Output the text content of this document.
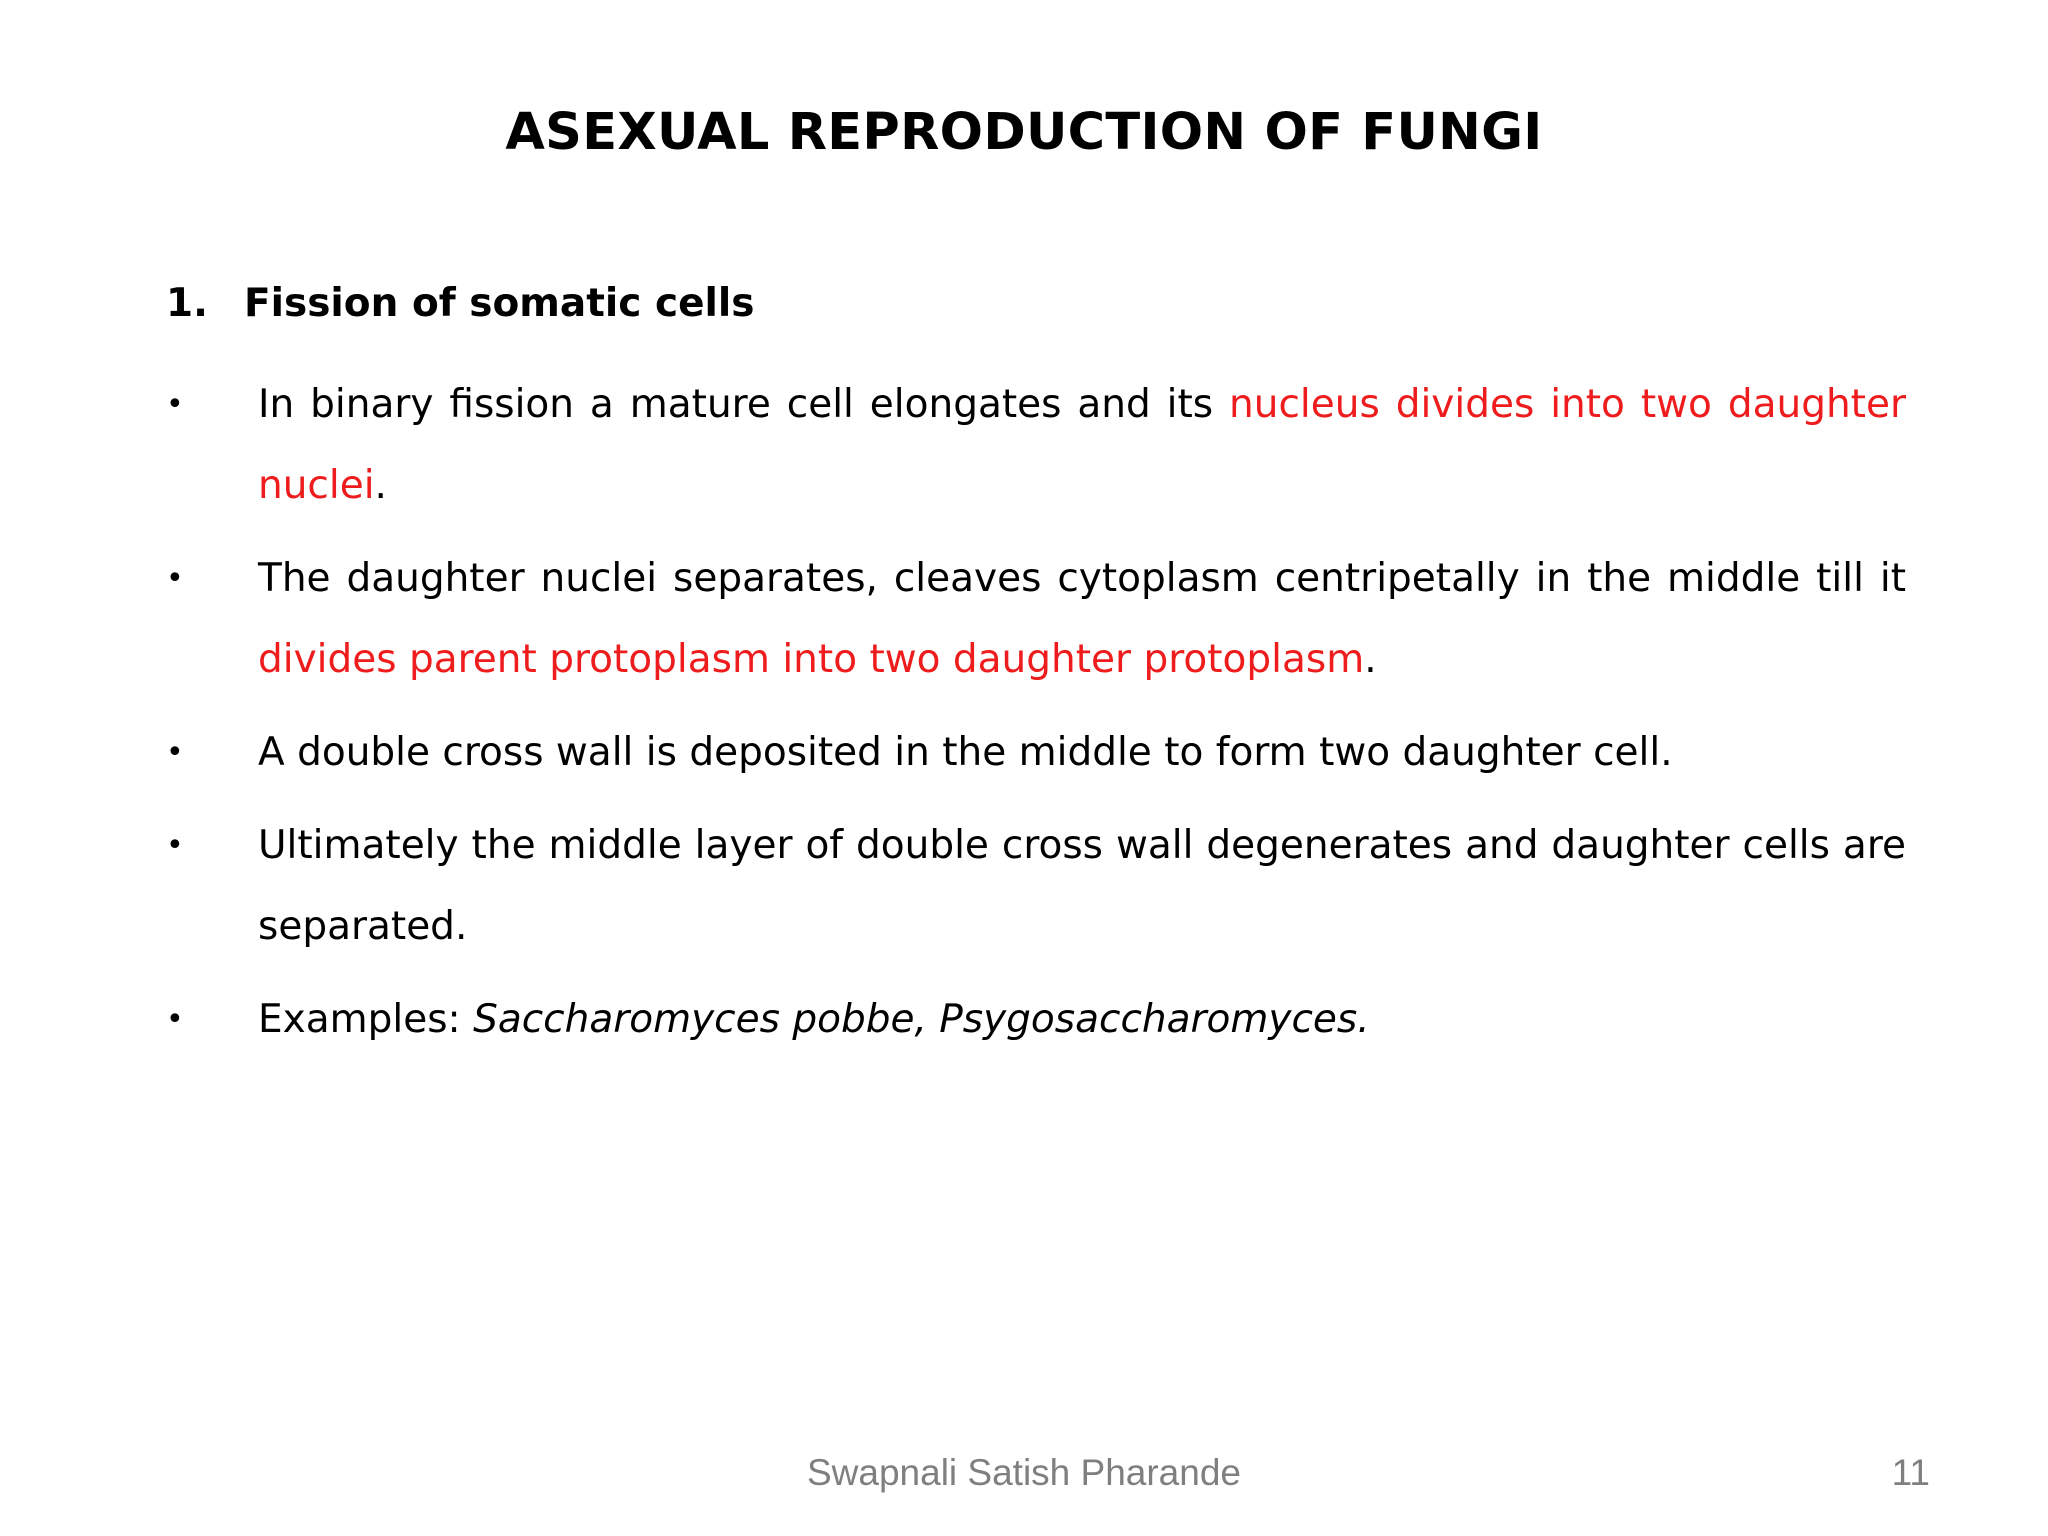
ASEXUAL REPRODUCTION OF FUNGI
1. Fission of somatic cells
• In binary fission a mature cell elongates and its nucleus divides into two daughter nuclei.
• The daughter nuclei separates, cleaves cytoplasm centripetally in the middle till it divides parent protoplasm into two daughter protoplasm.
• A double cross wall is deposited in the middle to form two daughter cell.
• Ultimately the middle layer of double cross wall degenerates and daughter cells are separated.
• Examples: Saccharomyces pobbe, Psygosaccharomyces.
Swapnali Satish Pharande	11
